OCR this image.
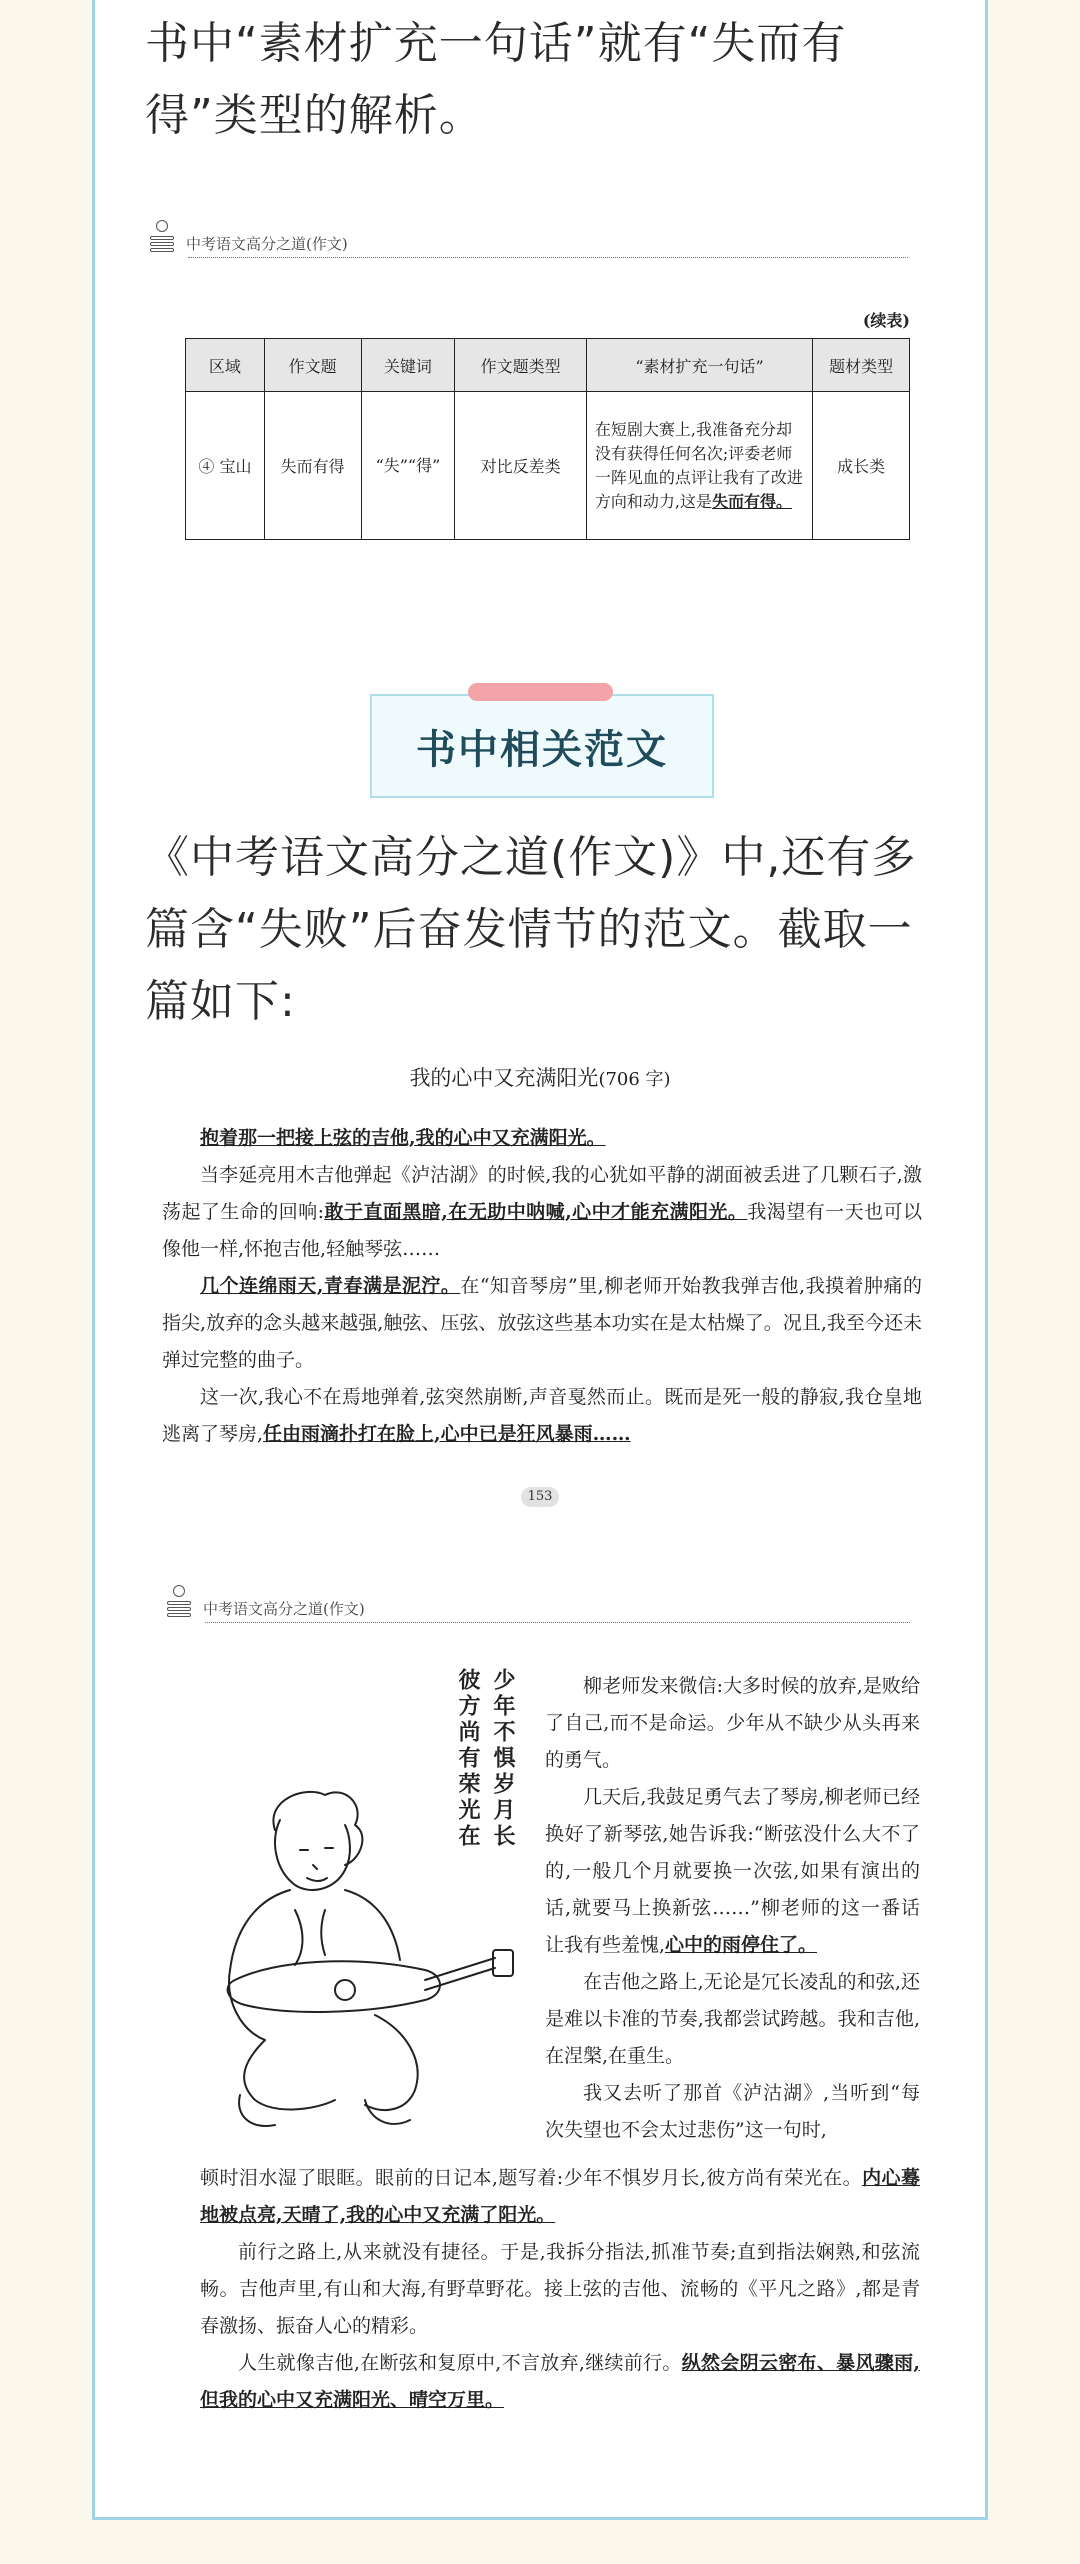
书中“素材扩充一句话”就有“失而有得”类型的解析。
中考语文高分之道(作文)
(续表)
区域	作文题	关键词	作文题类型	“素材扩充一句话”	题材类型
④ 宝山	失而有得	“失”“得”	对比反差类	在短剧大赛上,我准备充分却没有获得任何名次;评委老师一阵见血的点评让我有了改进方向和动力,这是失而有得。	成长类
书中相关范文
《中考语文高分之道(作文)》中,还有多篇含“失败”后奋发情节的范文。截取一篇如下:
我的心中又充满阳光(706 字)

抱着那一把接上弦的吉他,我的心中又充满阳光。

当李延亮用木吉他弹起《泸沽湖》的时候,我的心犹如平静的湖面被丢进了几颗石子,激荡起了生命的回响:敢于直面黑暗,在无助中呐喊,心中才能充满阳光。我渴望有一天也可以像他一样,怀抱吉他,轻触琴弦……

几个连绵雨天,青春满是泥泞。在“知音琴房”里,柳老师开始教我弹吉他,我摸着肿痛的指尖,放弃的念头越来越强,触弦、压弦、放弦这些基本功实在是太枯燥了。况且,我至今还未弹过完整的曲子。

这一次,我心不在焉地弹着,弦突然崩断,声音戛然而止。既而是死一般的静寂,我仓皇地逃离了琴房,任由雨滴扑打在脸上,心中已是狂风暴雨……

153
中考语文高分之道(作文)
少年不惧岁月长
彼方尚有荣光在	柳老师发来微信:大多时候的放弃,是败给了自己,而不是命运。少年从不缺少从头再来的勇气。

几天后,我鼓足勇气去了琴房,柳老师已经换好了新琴弦,她告诉我:“断弦没什么大不了的,一般几个月就要换一次弦,如果有演出的话,就要马上换新弦……”柳老师的这一番话让我有些羞愧,心中的雨停住了。

在吉他之路上,无论是冗长凌乱的和弦,还是难以卡准的节奏,我都尝试跨越。我和吉他,在涅槃,在重生。

我又去听了那首《泸沽湖》,当听到“每次失望也不会太过悲伤”这一句时,

顿时泪水湿了眼眶。眼前的日记本,题写着:少年不惧岁月长,彼方尚有荣光在。内心蓦地被点亮,天晴了,我的心中又充满了阳光。

前行之路上,从来就没有捷径。于是,我拆分指法,抓准节奏;直到指法娴熟,和弦流畅。吉他声里,有山和大海,有野草野花。接上弦的吉他、流畅的《平凡之路》,都是青春激扬、振奋人心的精彩。

人生就像吉他,在断弦和复原中,不言放弃,继续前行。纵然会阴云密布、暴风骤雨,但我的心中又充满阳光、晴空万里。
